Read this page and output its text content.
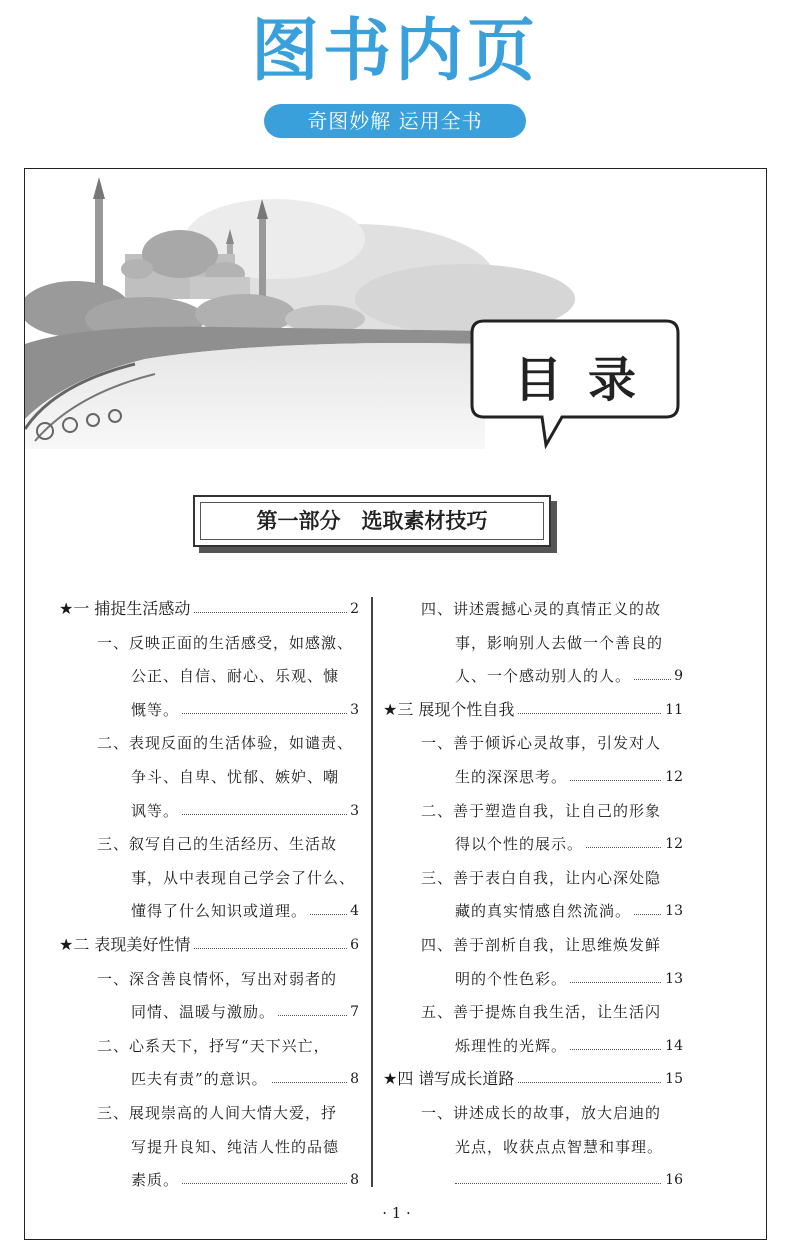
图书内页
奇图妙解 运用全书
目录
第一部分　选取素材技巧
★一 捕捉生活感动	2
一、反映正面的生活感受，如感激、
公正、自信、耐心、乐观、慷
慨等。	3
二、表现反面的生活体验，如谴责、
争斗、自卑、忧郁、嫉妒、嘲
讽等。	3
三、叙写自己的生活经历、生活故
事，从中表现自己学会了什么、
懂得了什么知识或道理。	4
★二 表现美好性情	6
一、深含善良情怀，写出对弱者的
同情、温暖与激励。	7
二、心系天下，抒写“天下兴亡，
匹夫有责”的意识。	8
三、展现崇高的人间大情大爱，抒
写提升良知、纯洁人性的品德
素质。	8
四、讲述震撼心灵的真情正义的故
事，影响别人去做一个善良的
人、一个感动别人的人。	9
★三 展现个性自我	11
一、善于倾诉心灵故事，引发对人
生的深深思考。	12
二、善于塑造自我，让自己的形象
得以个性的展示。	12
三、善于表白自我，让内心深处隐
藏的真实情感自然流淌。 13
四、善于剖析自我，让思维焕发鲜
明的个性色彩。	13
五、善于提炼自我生活，让生活闪
烁理性的光辉。	14
★四 谱写成长道路	15
一、讲述成长的故事，放大启迪的
光点，收获点点智慧和事理。
16
· 1 ·
